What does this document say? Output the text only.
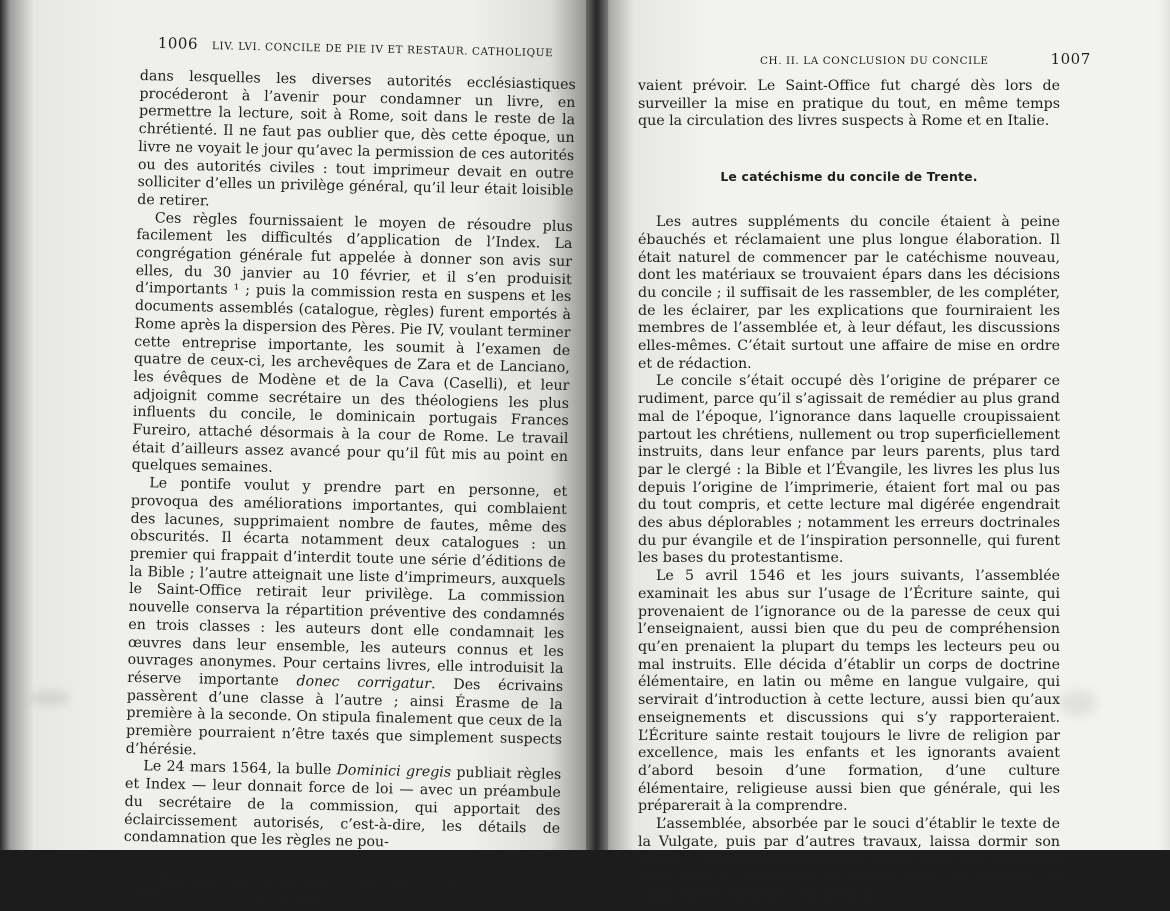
1006 LIV. LVI. CONCILE DE PIE IV ET RESTAUR. CATHOLIQUE

dans lesquelles les diverses autorités ecclésiastiques procéderont à l’avenir pour condamner un livre, en permettre la lecture, soit à Rome, soit dans le reste de la chrétienté. Il ne faut pas oublier que, dès cette époque, un livre ne voyait le jour qu’avec la permission de ces autorités ou des autorités civiles : tout imprimeur devait en outre solliciter d’elles un privilège général, qu’il leur était loisible de retirer.

Ces règles fournissaient le moyen de résoudre plus facilement les difficultés d’application de l’Index. La congrégation générale fut appelée à donner son avis sur elles, du 30 janvier au 10 février, et il s’en produisit d’importants ¹ ; puis la commission resta en suspens et les documents assemblés (catalogue, règles) furent emportés à Rome après la dispersion des Pères. Pie IV, voulant terminer cette entreprise importante, les soumit à l’examen de quatre de ceux-ci, les archevêques de Zara et de Lanciano, les évêques de Modène et de la Cava (Caselli), et leur adjoignit comme secrétaire un des théologiens les plus influents du concile, le dominicain portugais Frances Fureiro, attaché désormais à la cour de Rome. Le travail était d’ailleurs assez avancé pour qu’il fût mis au point en quelques semaines.

Le pontife voulut y prendre part en personne, et provoqua des améliorations importantes, qui comblaient des lacunes, supprimaient nombre de fautes, même des obscurités. Il écarta notamment deux catalogues : un premier qui frappait d’interdit toute une série d’éditions de la Bible ; l’autre atteignait une liste d’imprimeurs, auxquels le Saint-Office retirait leur privilège. La commission nouvelle conserva la répartition préventive des condamnés en trois classes : les auteurs dont elle condamnait les œuvres dans leur ensemble, les auteurs connus et les ouvrages anonymes. Pour certains livres, elle introduisit la réserve importante donec corrigatur. Des écrivains passèrent d’une classe à l’autre ; ainsi Érasme de la première à la seconde. On stipula finalement que ceux de la première pourraient n’être taxés que simplement suspects d’hérésie.

Le 24 mars 1564, la bulle Dominici gregis publiait règles et Index — leur donnait force de loi — avec un préambule du secrétaire de la commission, qui apportait des éclaircissement autorisés, c’est-à-dire, les détails de condamnation que les règles ne pou-

1. Mentionnés par Pastor, ibid., p. 302 note 8 ; 303 note 5 ; Conc. Trident. t. viii, p. 306-323, passim.

CH. II. LA CONCLUSION DU CONCILE	1007

vaient prévoir. Le Saint-Office fut chargé dès lors de surveiller la mise en pratique du tout, en même temps que la circulation des livres suspects à Rome et en Italie.

Le catéchisme du concile de Trente.

Les autres suppléments du concile étaient à peine ébauchés et réclamaient une plus longue élaboration. Il était naturel de commencer par le catéchisme nouveau, dont les matériaux se trouvaient épars dans les décisions du concile ; il suffisait de les rassembler, de les compléter, de les éclairer, par les explications que fourniraient les membres de l’assemblée et, à leur défaut, les discussions elles-mêmes. C’était surtout une affaire de mise en ordre et de rédaction.

Le concile s’était occupé dès l’origine de préparer ce rudiment, parce qu’il s’agissait de remédier au plus grand mal de l’époque, l’ignorance dans laquelle croupissaient partout les chrétiens, nullement ou trop superficiellement instruits, dans leur enfance par leurs parents, plus tard par le clergé : la Bible et l’Évangile, les livres les plus lus depuis l’origine de l’imprimerie, étaient fort mal ou pas du tout compris, et cette lecture mal digérée engendrait des abus déplorables ; notamment les erreurs doctrinales du pur évangile et de l’inspiration personnelle, qui furent les bases du protestantisme.

Le 5 avril 1546 et les jours suivants, l’assemblée examinait les abus sur l’usage de l’Écriture sainte, qui provenaient de l’ignorance ou de la paresse de ceux qui l’enseignaient, aussi bien que du peu de compréhension qu’en prenaient la plupart du temps les lecteurs peu ou mal instruits. Elle décida d’établir un corps de doctrine élémentaire, en latin ou même en langue vulgaire, qui servirait d’introduction à cette lecture, aussi bien qu’aux enseignements et discussions qui s’y rapporteraient. L’Écriture sainte restait toujours le livre de religion par excellence, mais les enfants et les ignorants avaient d’abord besoin d’une formation, d’une culture élémentaire, religieuse aussi bien que générale, qui les préparerait à la comprendre.

L’assemblée, absorbée par le souci d’établir le texte de la Vulgate, puis par d’autres travaux, laissa dormir son projet ; l’empereur Ferdinand le reprit plus tard, le soumit vers 1551 à l’université de Vienne, puis aux jésuites, et saint Pierre Canisius composa un
